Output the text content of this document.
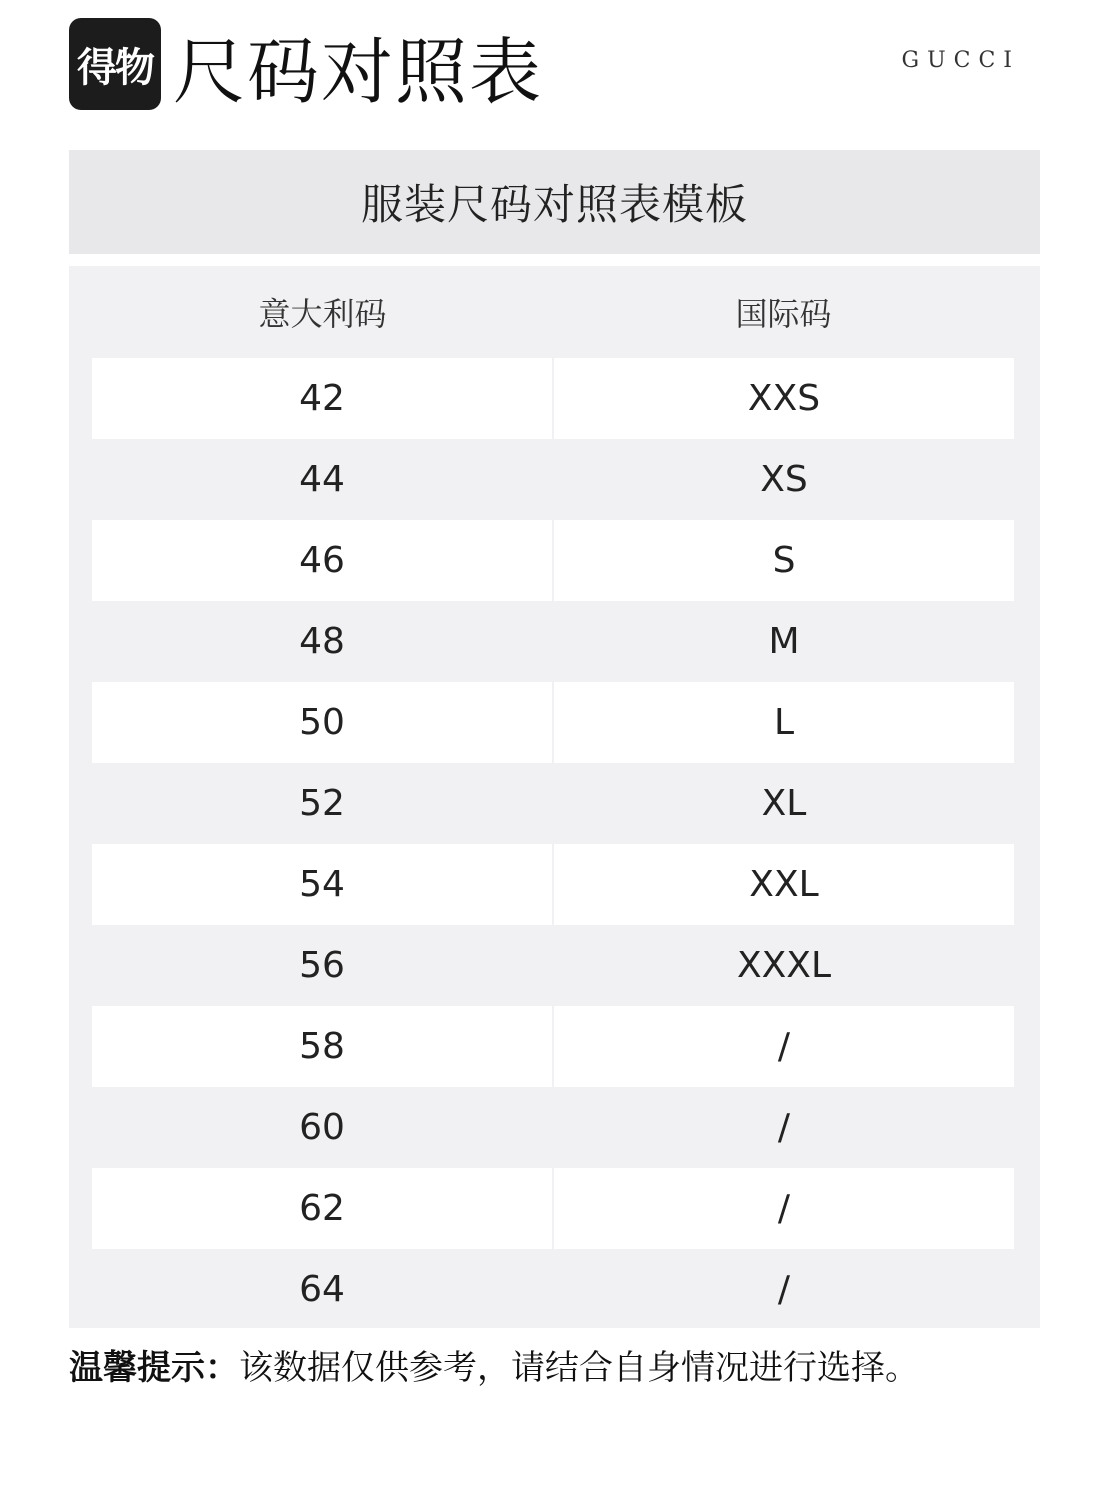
得物 尺码对照表	GUCCI
服装尺码对照表模板
意大利码	国际码
42	XXS
44	XS
46	S
48	M
50	L
52	XL
54	XXL
56	XXXL
58	/
60	/
62	/
64	/
温馨提示：该数据仅供参考，请结合自身情况进行选择。
